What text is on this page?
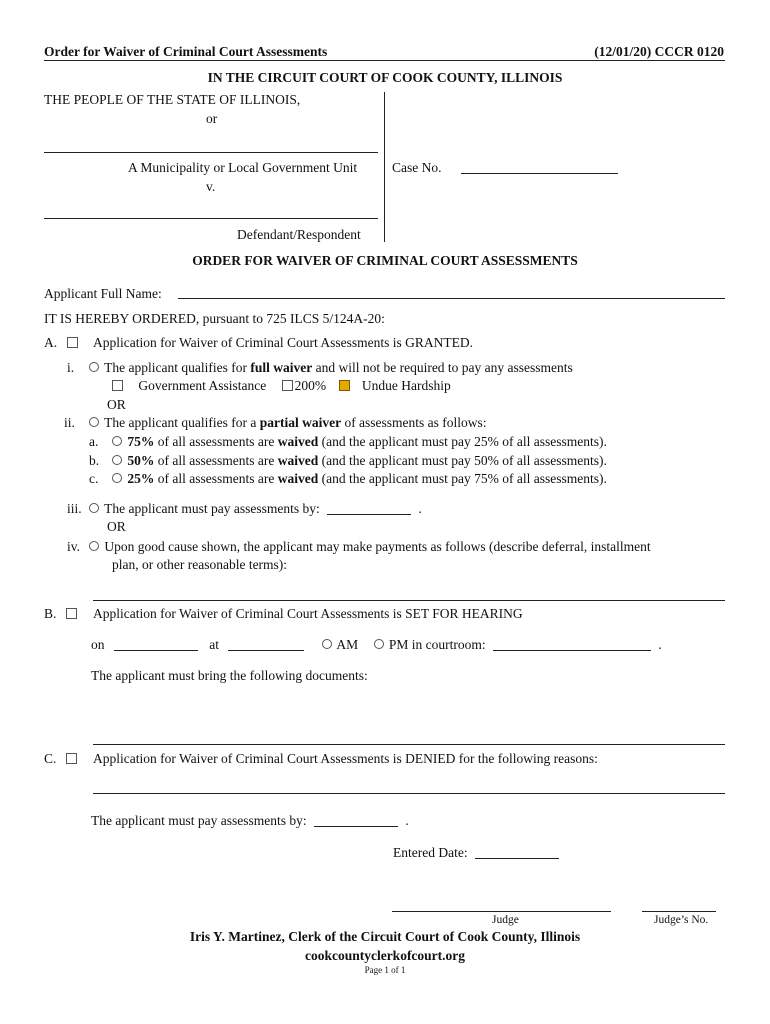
Order for Waiver of Criminal Court Assessments	(12/01/20) CCCR 0120
IN THE CIRCUIT COURT OF COOK COUNTY, ILLINOIS
THE PEOPLE OF THE STATE OF ILLINOIS,
or
A Municipality or Local Government Unit
v.
Defendant/Respondent
Case No.
ORDER FOR WAIVER OF CRIMINAL COURT ASSESSMENTS
Applicant Full Name:
IT IS HEREBY ORDERED, pursuant to 725 ILCS 5/124A-20:
A.	Application for Waiver of Criminal Court Assessments is GRANTED.
i.	The applicant qualifies for full waiver and will not be required to pay any assessments
Government Assistance 200%	Undue Hardship
OR
ii.	The applicant qualifies for a partial waiver of assessments as follows:
a.	75% of all assessments are waived (and the applicant must pay 25% of all assessments).
b.	50% of all assessments are waived (and the applicant must pay 50% of all assessments).
c.	25% of all assessments are waived (and the applicant must pay 75% of all assessments).
iii.	The applicant must pay assessments by:	.
OR
iv.	Upon good cause shown, the applicant may make payments as follows (describe deferral, installment
plan, or other reasonable terms):
B.	Application for Waiver of Criminal Court Assessments is SET FOR HEARING
on	at	AM PM in courtroom:	.
The applicant must bring the following documents:
C.	Application for Waiver of Criminal Court Assessments is DENIED for the following reasons:
The applicant must pay assessments by:	.
Entered Date:
Judge	Judge’s No.
Iris Y. Martinez, Clerk of the Circuit Court of Cook County, Illinois
cookcountyclerkofcourt.org
Page 1 of 1
